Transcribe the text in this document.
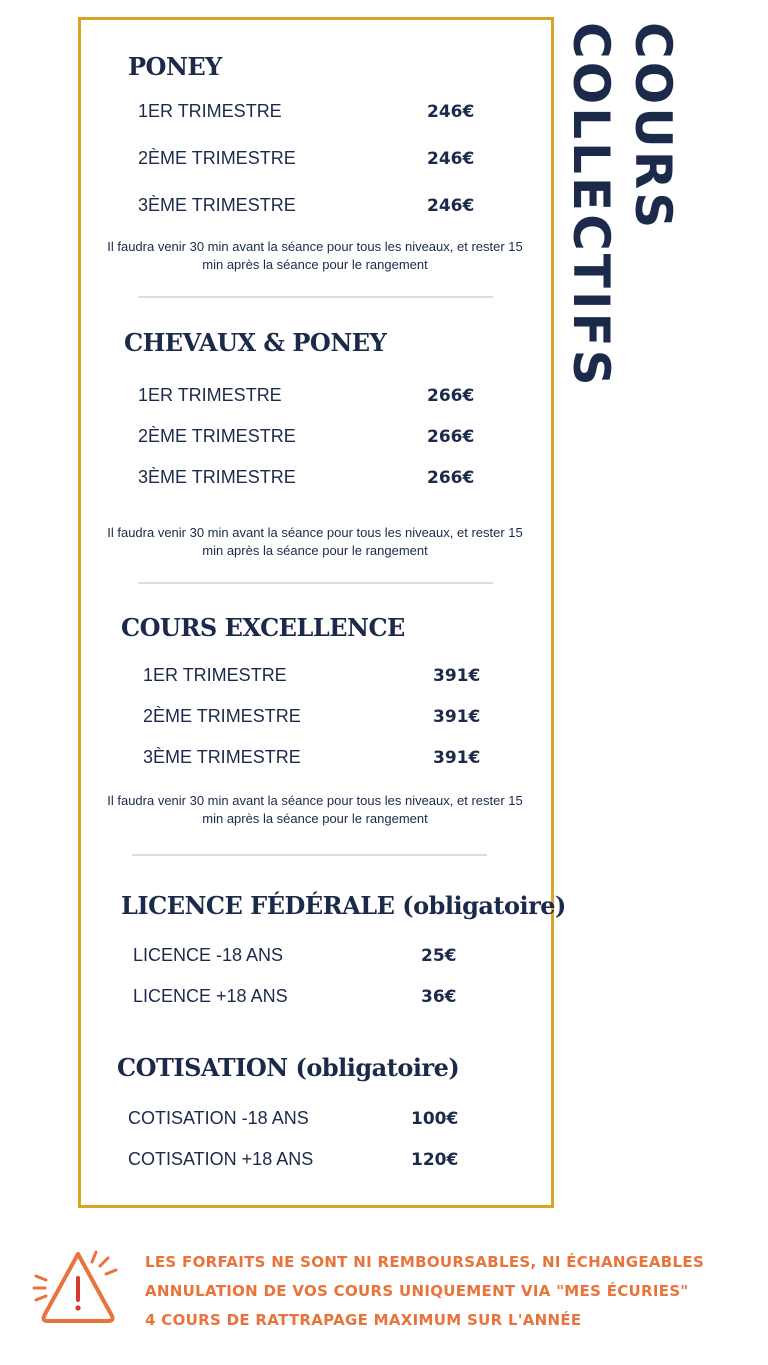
COURS
COLLECTIFS
PONEY
1ER TRIMESTRE	246€
2ÈME TRIMESTRE	246€
3ÈME TRIMESTRE	246€
Il faudra venir 30 min avant la séance pour tous les niveaux, et rester 15 min après la séance pour le rangement
CHEVAUX & PONEY
1ER TRIMESTRE	266€
2ÈME TRIMESTRE	266€
3ÈME TRIMESTRE	266€
Il faudra venir 30 min avant la séance pour tous les niveaux, et rester 15 min après la séance pour le rangement
COURS EXCELLENCE
1ER TRIMESTRE	391€
2ÈME TRIMESTRE	391€
3ÈME TRIMESTRE	391€
Il faudra venir 30 min avant la séance pour tous les niveaux, et rester 15 min après la séance pour le rangement
LICENCE FÉDÉRALE (obligatoire)
LICENCE -18 ANS	25€
LICENCE +18 ANS	36€
COTISATION (obligatoire)
COTISATION -18 ANS	100€
COTISATION +18 ANS	120€
LES FORFAITS NE SONT NI REMBOURSABLES, NI ÉCHANGEABLES
ANNULATION DE VOS COURS UNIQUEMENT VIA "MES ÉCURIES"
4 COURS DE RATTRAPAGE MAXIMUM SUR L'ANNÉE
